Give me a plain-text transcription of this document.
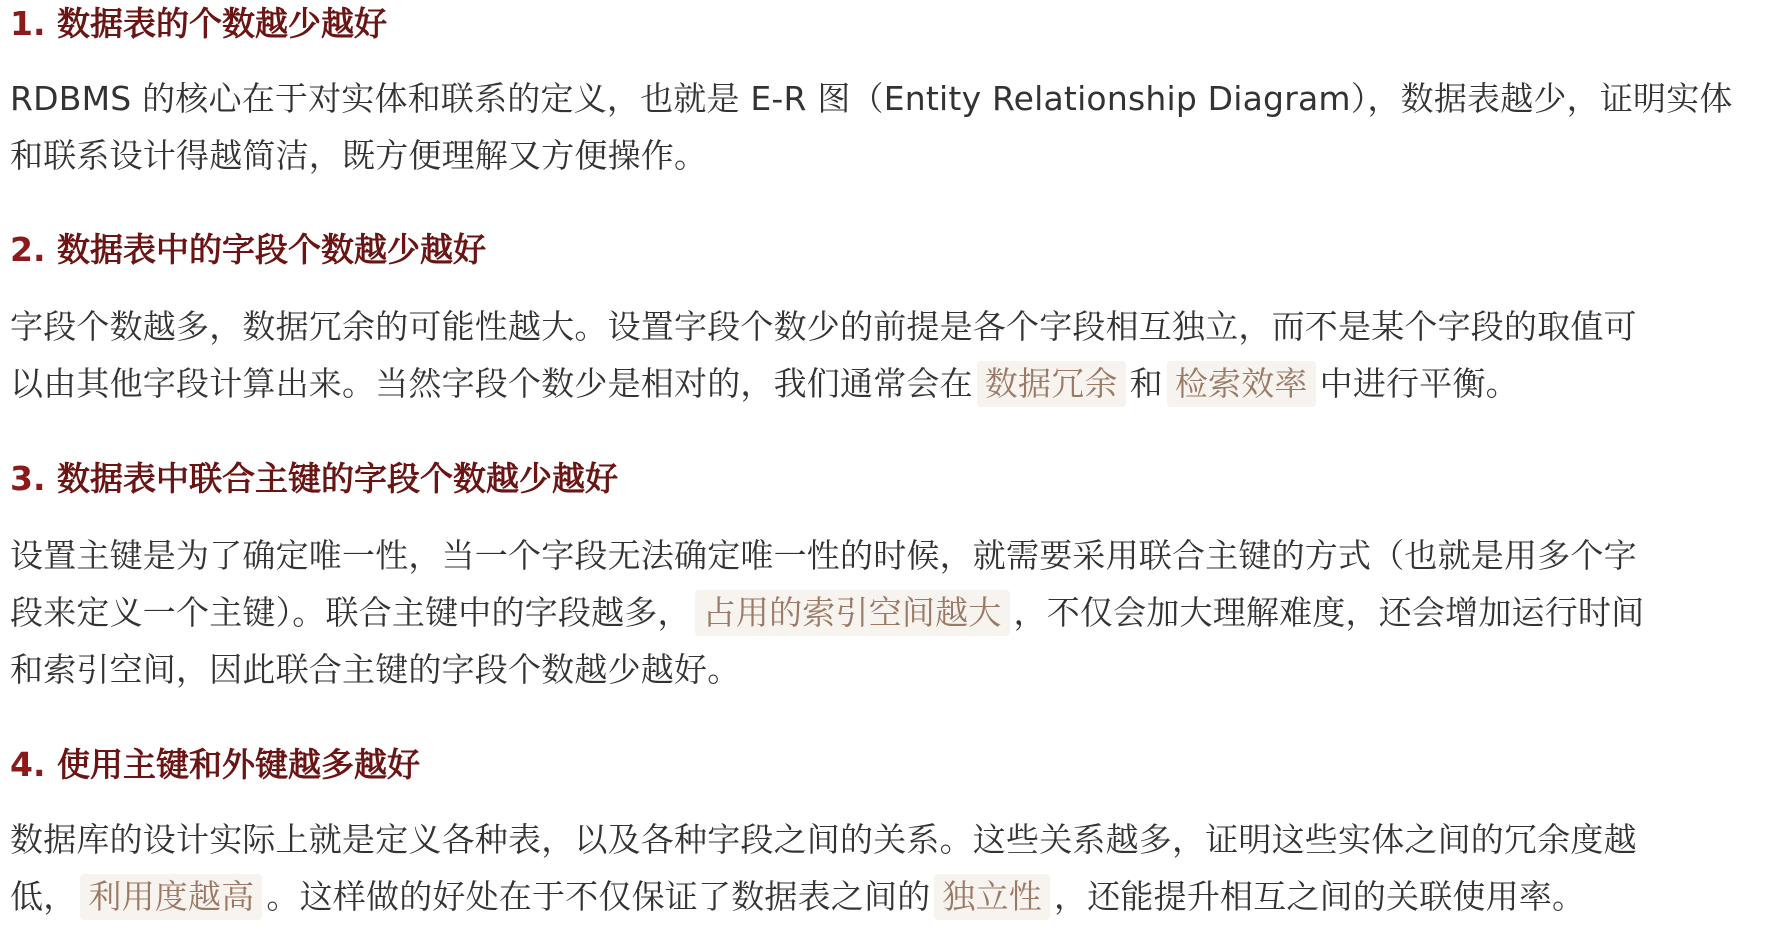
1. 数据表的个数越少越好

RDBMS 的核心在于对实体和联系的定义，也就是 E-R 图（Entity Relationship Diagram），数据表越少，证明实体
和联系设计得越简洁，既方便理解又方便操作。

2. 数据表中的字段个数越少越好

字段个数越多，数据冗余的可能性越大。设置字段个数少的前提是各个字段相互独立，而不是某个字段的取值可
以由其他字段计算出来。当然字段个数少是相对的，我们通常会在 数据冗余 和 检索效率 中进行平衡。

3. 数据表中联合主键的字段个数越少越好

设置主键是为了确定唯一性，当一个字段无法确定唯一性的时候，就需要采用联合主键的方式（也就是用多个字
段来定义一个主键）。联合主键中的字段越多， 占用的索引空间越大 ，不仅会加大理解难度，还会增加运行时间
和索引空间，因此联合主键的字段个数越少越好。

4. 使用主键和外键越多越好

数据库的设计实际上就是定义各种表，以及各种字段之间的关系。这些关系越多，证明这些实体之间的冗余度越
低， 利用度越高 。这样做的好处在于不仅保证了数据表之间的 独立性 ，还能提升相互之间的关联使用率。
